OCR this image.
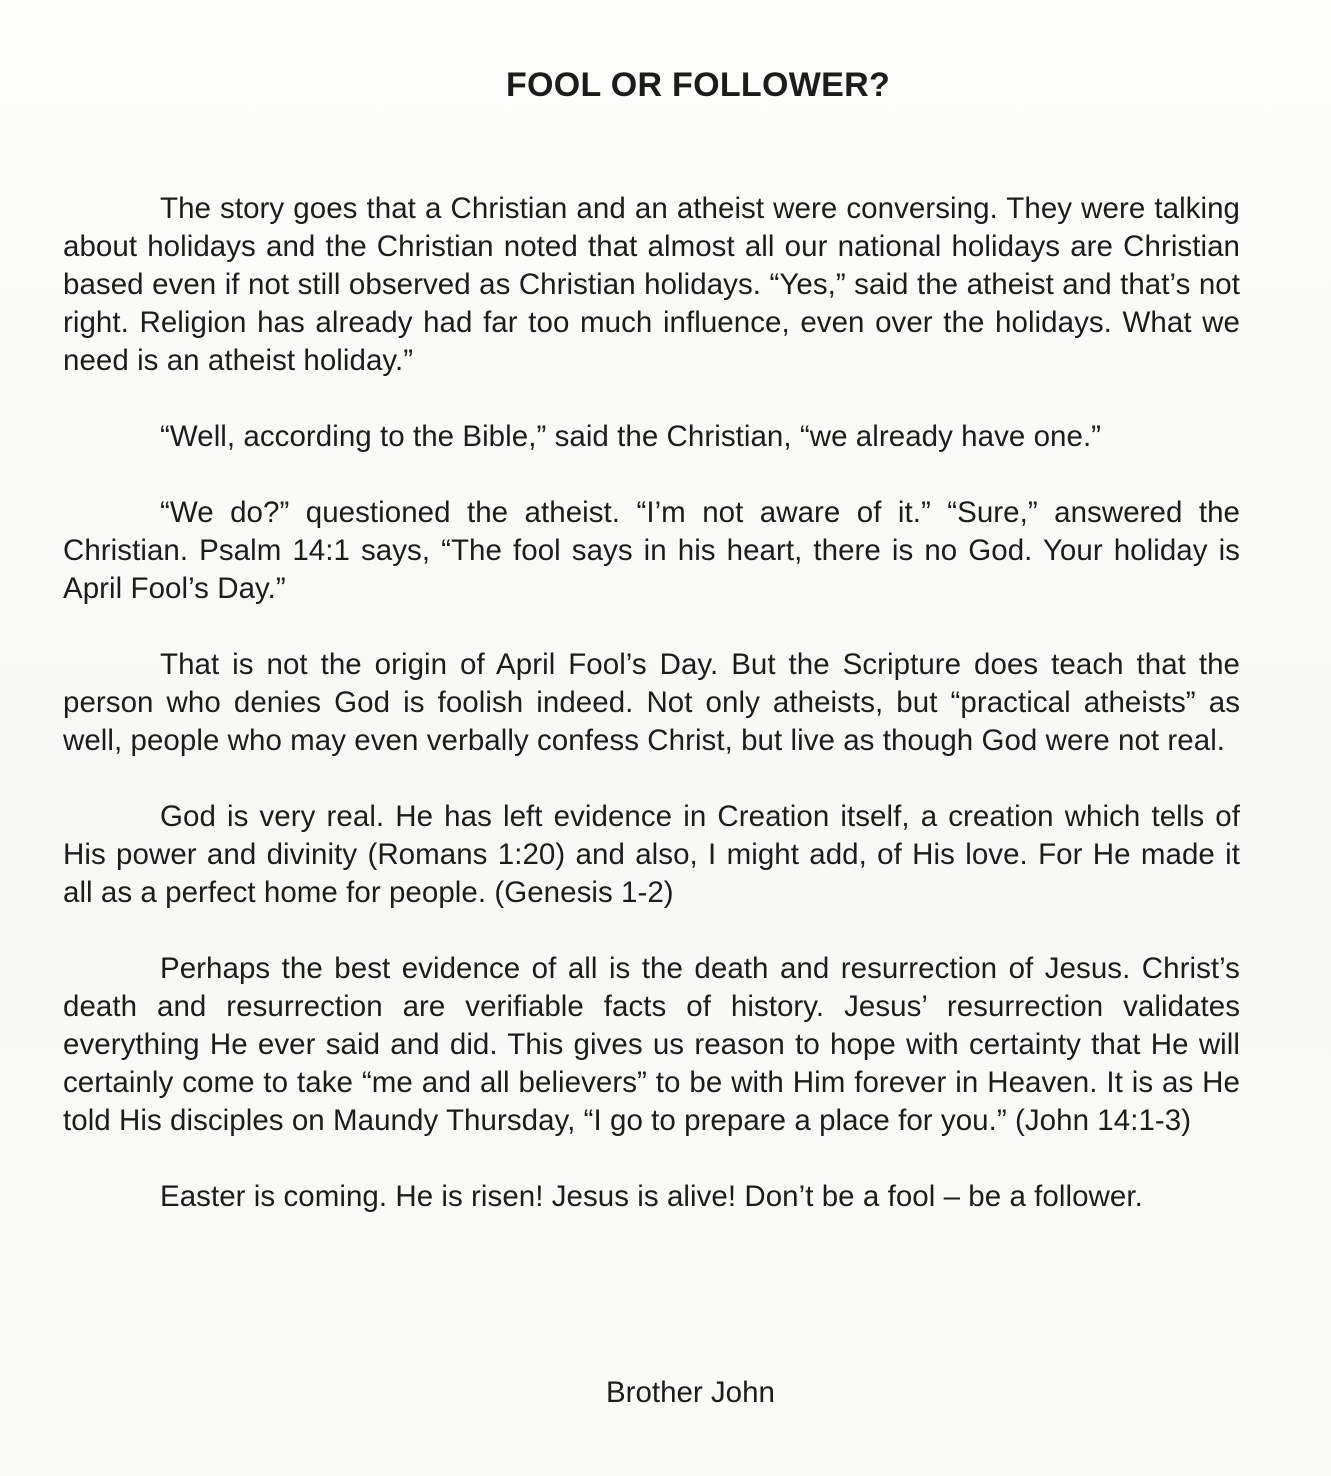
FOOL OR FOLLOWER?

The story goes that a Christian and an atheist were conversing. They were talking about holidays and the Christian noted that almost all our national holidays are Christian based even if not still observed as Christian holidays. “Yes,” said the atheist and that’s not right. Religion has already had far too much influence, even over the holidays. What we need is an atheist holiday.”

“Well, according to the Bible,” said the Christian, “we already have one.”

“We do?” questioned the atheist. “I’m not aware of it.” “Sure,” answered the Christian. Psalm 14:1 says, “The fool says in his heart, there is no God. Your holiday is April Fool’s Day.”

That is not the origin of April Fool’s Day. But the Scripture does teach that the person who denies God is foolish indeed. Not only atheists, but “practical atheists” as well, people who may even verbally confess Christ, but live as though God were not real.

God is very real. He has left evidence in Creation itself, a creation which tells of His power and divinity (Romans 1:20) and also, I might add, of His love. For He made it all as a perfect home for people. (Genesis 1-2)

Perhaps the best evidence of all is the death and resurrection of Jesus. Christ’s death and resurrection are verifiable facts of history. Jesus’ resurrection validates everything He ever said and did. This gives us reason to hope with certainty that He will certainly come to take “me and all believers” to be with Him forever in Heaven. It is as He told His disciples on Maundy Thursday, “I go to prepare a place for you.” (John 14:1-3)

Easter is coming. He is risen! Jesus is alive! Don’t be a fool – be a follower.

Brother John
